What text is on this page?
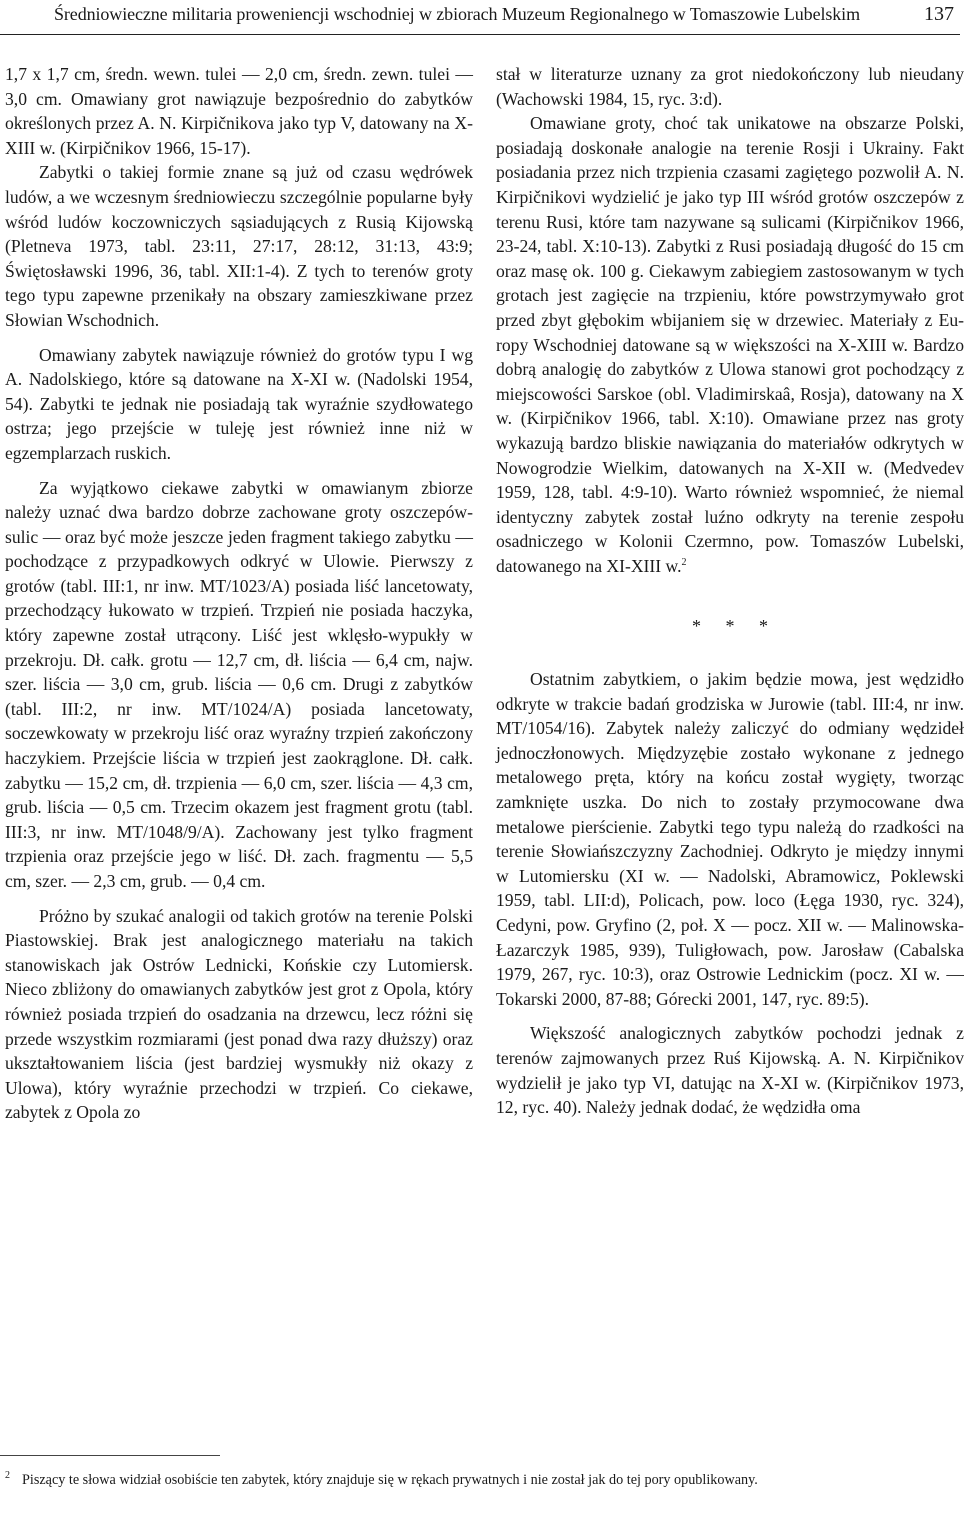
Średniowieczne militaria proweniencji wschodniej w zbiorach Muzeum Regionalnego w Tomaszowie Lubelskim	137

1,7 x 1,7 cm, średn. wewn. tulei — 2,0 cm, średn. zewn. tulei — 3,0 cm. Omawiany grot nawiązuje bezpośrednio do zabytków określonych przez A. N. Kirpičnikova jako typ V, datowany na X-XIII w. (Kirpičnikov 1966, 15-17).

Zabytki o takiej formie znane są już od czasu wędrówek ludów, a we wczesnym średniowieczu szczególnie popularne były wśród ludów koczowniczych sąsiadujących z Rusią Kijowską (Pletneva 1973, tabl. 23:11, 27:17, 28:12, 31:13, 43:9; Świętosławski 1996, 36, tabl. XII:1-4). Z tych to terenów groty tego typu zapewne przenikały na obszary zamieszkiwane przez Słowian Wschodnich.

Omawiany zabytek nawiązuje również do grotów typu I wg A. Nadolskiego, które są datowane na X-XI w. (Nadolski 1954, 54). Zabytki te jednak nie posiadają tak wyraźnie szydłowatego ostrza; jego przejście w tuleję jest również inne niż w egzemplarzach ruskich.

Za wyjątkowo ciekawe zabytki w omawianym zbiorze należy uznać dwa bardzo dobrze zachowane groty oszczepów-sulic — oraz być może jeszcze jeden fragment takiego zabytku — pochodzące z przypadkowych odkryć w Ulowie. Pierwszy z grotów (tabl. III:1, nr inw. MT/1023/A) posiada liść lancetowaty, przechodzący łukowato w trzpień. Trzpień nie posiada haczyka, który zapewne został utrącony. Liść jest wklęsło-wypukły w przekroju. Dł. całk. grotu — 12,7 cm, dł. liścia — 6,4 cm, najw. szer. liścia — 3,0 cm, grub. liścia — 0,6 cm. Drugi z zabytków (tabl. III:2, nr inw. MT/1024/A) posiada lancetowaty, soczewkowaty w przekroju liść oraz wyraźny trzpień zakończony haczykiem. Przejście liścia w trzpień jest zaokrąglone. Dł. całk. zabytku — 15,2 cm, dł. trzpienia — 6,0 cm, szer. liścia — 4,3 cm, grub. liścia — 0,5 cm. Trzecim okazem jest fragment grotu (tabl. III:3, nr inw. MT/1048/9/A). Zachowany jest tylko fragment trzpienia oraz przejście jego w liść. Dł. zach. fragmentu — 5,5 cm, szer. — 2,3 cm, grub. — 0,4 cm.

Próżno by szukać analogii od takich grotów na terenie Polski Piastowskiej. Brak jest analogicznego materiału na takich stanowiskach jak Ostrów Lednicki, Końskie czy Lutomiersk. Nieco zbliżony do omawianych zabytków jest grot z Opola, który również posiada trzpień do osadzania na drzewcu, lecz różni się przede wszystkim rozmiarami (jest ponad dwa razy dłuższy) oraz ukształtowaniem liścia (jest bardziej wysmukły niż okazy z Ulowa), który wyraźnie przechodzi w trzpień. Co ciekawe, zabytek z Opola zo

stał w literaturze uznany za grot niedokończony lub nieudany (Wachowski 1984, 15, ryc. 3:d).

Omawiane groty, choć tak unikatowe na obszarze Polski, posiadają doskonałe analogie na terenie Rosji i Ukrainy. Fakt posiadania przez nich trzpienia czasami zagiętego pozwolił A. N. Kirpičnikovi wydzielić je jako typ III wśród grotów oszczepów z terenu Rusi, które tam nazywane są sulicami (Kirpičnikov 1966, 23-24, tabl. X:10-13). Zabytki z Rusi posiadają długość do 15 cm oraz masę ok. 100 g. Ciekawym zabiegiem zastosowanym w tych grotach jest zagięcie na trzpieniu, które powstrzymywało grot przed zbyt głębokim wbijaniem się w drzewiec. Materiały z Europy Wschodniej datowane są w większości na X-XIII w. Bardzo dobrą analogię do zabytków z Ulowa stanowi grot pochodzący z miejscowości Sarskoe (obl. Vladimirskaâ, Rosja), datowany na X w. (Kirpičnikov 1966, tabl. X:10). Omawiane przez nas groty wykazują bardzo bliskie nawiązania do materiałów odkrytych w Nowogrodzie Wielkim, datowanych na X-XII w. (Medvedev 1959, 128, tabl. 4:9-10). Warto również wspomnieć, że niemal identyczny zabytek został luźno odkryty na terenie zespołu osadniczego w Kolonii Czermno, pow. Tomaszów Lubelski, datowanego na XI-XIII w.$^2$

* * *

Ostatnim zabytkiem, o jakim będzie mowa, jest wędzidło odkryte w trakcie badań grodziska w Jurowie (tabl. III:4, nr inw. MT/1054/16). Zabytek należy zaliczyć do odmiany wędzideł jednoczłonowych. Międzyzębie zostało wykonane z jednego metalowego pręta, który na końcu został wygięty, tworząc zamknięte uszka. Do nich to zostały przymocowane dwa metalowe pierścienie. Zabytki tego typu należą do rzadkości na terenie Słowiańszczyzny Zachodniej. Odkryto je między innymi w Lutomiersku (XI w. — Nadolski, Abramowicz, Poklewski 1959, tabl. LII:d), Policach, pow. loco (Łęga 1930, ryc. 324), Cedyni, pow. Gryfino (2, poł. X — pocz. XII w. — Malinowska-Łazarczyk 1985, 939), Tuligłowach, pow. Jarosław (Cabalska 1979, 267, ryc. 10:3), oraz Ostrowie Lednickim (pocz. XI w. — Tokarski 2000, 87-88; Górecki 2001, 147, ryc. 89:5).

Większość analogicznych zabytków pochodzi jednak z terenów zajmowanych przez Ruś Kijowską. A. N. Kirpičnikov wydzielił je jako typ VI, datując na X-XI w. (Kirpičnikov 1973, 12, ryc. 40). Należy jednak dodać, że wędzidła oma

$^2$ Piszący te słowa widział osobiście ten zabytek, który znajduje się w rękach prywatnych i nie został jak do tej pory opublikowany.
